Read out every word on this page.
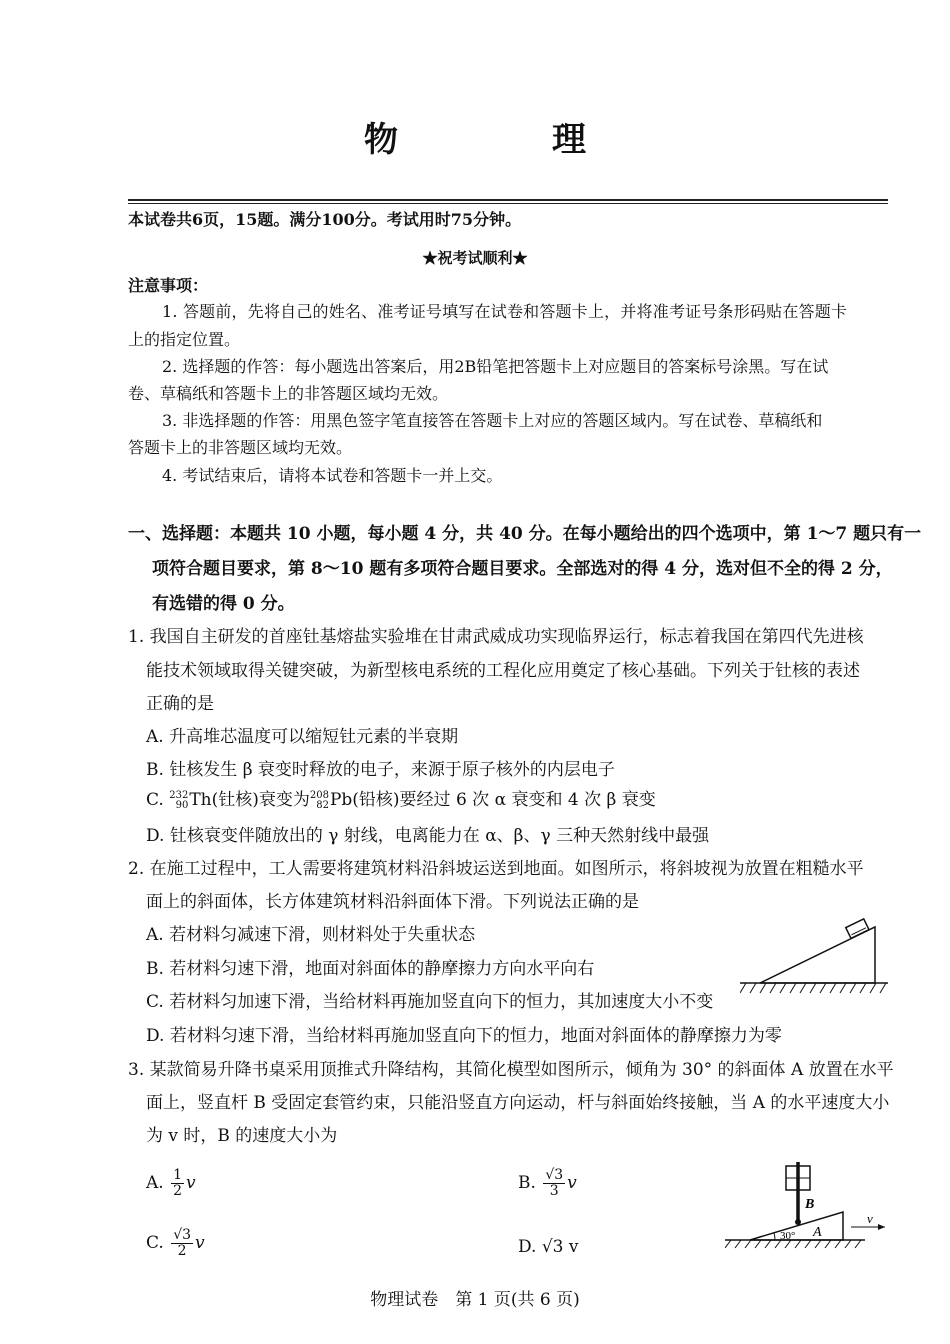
物　理
本试卷共6页，15题。满分100分。考试用时75分钟。
★祝考试顺利★
注意事项：
1. 答题前，先将自己的姓名、准考证号填写在试卷和答题卡上，并将准考证号条形码贴在答题卡
上的指定位置。
2. 选择题的作答：每小题选出答案后，用2B铅笔把答题卡上对应题目的答案标号涂黑。写在试
卷、草稿纸和答题卡上的非答题区域均无效。
3. 非选择题的作答：用黑色签字笔直接答在答题卡上对应的答题区域内。写在试卷、草稿纸和
答题卡上的非答题区域均无效。
4. 考试结束后，请将本试卷和答题卡一并上交。
一、选择题：本题共 10 小题，每小题 4 分，共 40 分。在每小题给出的四个选项中，第 1～7 题只有一
项符合题目要求，第 8～10 题有多项符合题目要求。全部选对的得 4 分，选对但不全的得 2 分，
有选错的得 0 分。
1. 我国自主研发的首座钍基熔盐实验堆在甘肃武威成功实现临界运行，标志着我国在第四代先进核
能技术领域取得关键突破，为新型核电系统的工程化应用奠定了核心基础。下列关于钍核的表述
正确的是
A. 升高堆芯温度可以缩短钍元素的半衰期
B. 钍核发生 β 衰变时释放的电子，来源于原子核外的内层电子
C. 232
90 Th(钍核)衰变为 208
82 Pb(铅核)要经过 6 次 α 衰变和 4 次 β 衰变
D. 钍核衰变伴随放出的 γ 射线，电离能力在 α、β、γ 三种天然射线中最强
2. 在施工过程中，工人需要将建筑材料沿斜坡运送到地面。如图所示，将斜坡视为放置在粗糙水平
面上的斜面体，长方体建筑材料沿斜面体下滑。下列说法正确的是
A. 若材料匀减速下滑，则材料处于失重状态
B. 若材料匀速下滑，地面对斜面体的静摩擦力方向水平向右
C. 若材料匀加速下滑，当给材料再施加竖直向下的恒力，其加速度大小不变
D. 若材料匀速下滑，当给材料再施加竖直向下的恒力，地面对斜面体的静摩擦力为零
3. 某款简易升降书桌采用顶推式升降结构，其简化模型如图所示，倾角为 30° 的斜面体 A 放置在水平
面上，竖直杆 B 受固定套管约束，只能沿竖直方向运动，杆与斜面始终接触，当 A 的水平速度大小
为 v 时，B 的速度大小为
A. $\frac{1}{2}$ v	B. $\frac{√3}{3}$ v
C. $\frac{√3}{2}$ v	D. √3 v
B
30° A
v
物理试卷　第 1 页(共 6 页)
